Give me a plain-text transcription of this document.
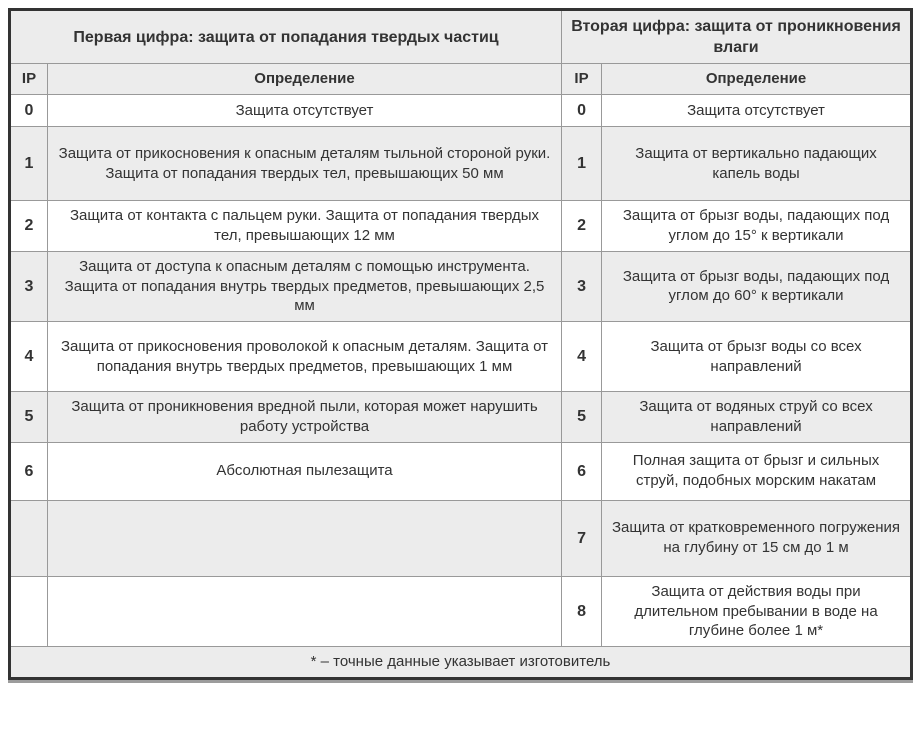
Первая цифра: защита от попадания твердых частиц		Вторая цифра: защита от проникновения влаги	
IP	Определение	IP	Определение
0	Защита отсутствует	0	Защита отсутствует
1	Защита от прикосновения к опасным деталям тыльной стороной руки. Защита от попадания твердых тел, превышающих 50 мм	1	Защита от вертикально падающих капель воды
2	Защита от контакта с пальцем руки. Защита от попадания твердых тел, превышающих 12 мм	2	Защита от брызг воды, падающих под углом до 15° к вертикали
3	Защита от доступа к опасным деталям с помощью инструмента. Защита от попадания внутрь твердых предметов, превышающих 2,5 мм	3	Защита от брызг воды, падающих под углом до 60° к вертикали
4	Защита от прикосновения проволокой к опасным деталям. Защита от попадания внутрь твердых предметов, превышающих 1 мм	4	Защита от брызг воды со всех направлений
5	Защита от проникновения вредной пыли, которая может нарушить работу устройства	5	Защита от водяных струй со всех направлений
6	Абсолютная пылезащита	6	Полная защита от брызг и сильных струй, подобных морским накатам
		7	Защита от кратковременного погружения на глубину от 15 см до 1 м
		8	Защита от действия воды при длительном пребывании в воде на глубине более 1 м*
* – точные данные указывает изготовитель			
